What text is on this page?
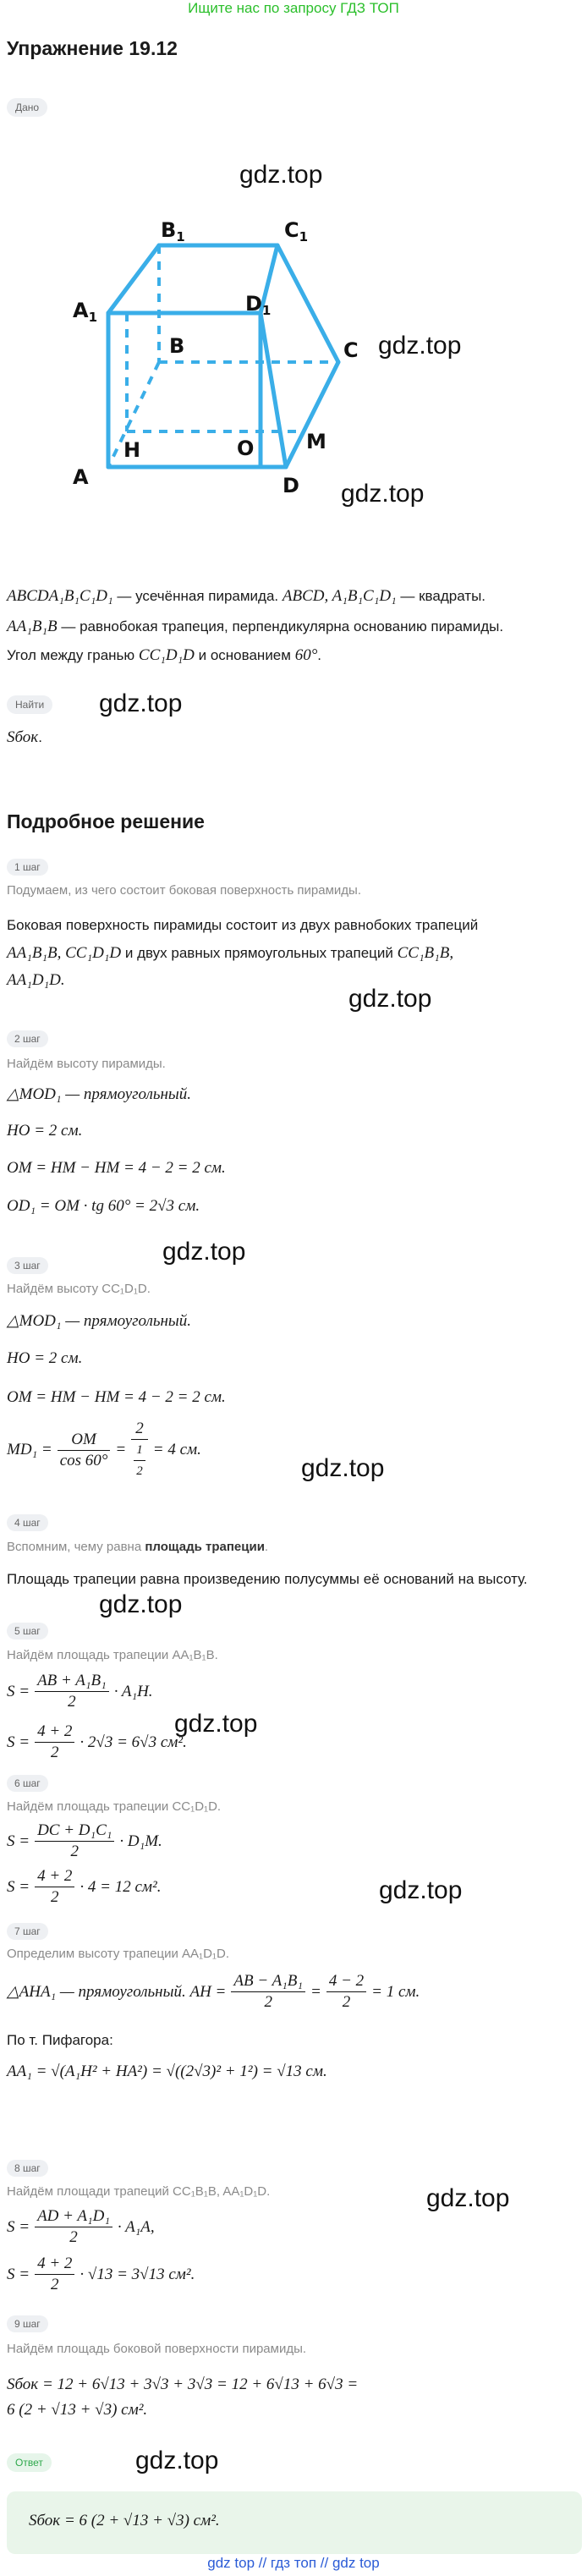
Ищите нас по запросу ГДЗ ТОП
Упражнение 19.12
Дано
gdz.top
gdz.top
gdz.top
$B_1$	$C_1$
$A_1$
$D_1$
B	C
H	O	M
A	D
ABCDA₁B₁C₁D₁ — усечённая пирамида. ABCD, A₁B₁C₁D₁ — квадраты.
AA₁B₁B — равнобокая трапеция, перпендикулярна основанию пирамиды.
Угол между гранью CC₁D₁D и основанием 60°.
Найти	gdz.top
Sбок.
Подробное решение
1 шаг
Подумаем, из чего состоит боковая поверхность пирамиды.
Боковая поверхность пирамиды состоит из двух равнобоких трапеций
AA₁B₁B, CC₁D₁D и двух равных прямоугольных трапеций CC₁B₁B,
AA₁D₁D.
gdz.top
2 шаг
Найдём высоту пирамиды.
△MOD₁ — прямоугольный.
HO = 2 см.
OM = HM − HM = 4 − 2 = 2 см.
OD₁ = OM · tg 60° = 2√3 см.
gdz.top
3 шаг
Найдём высоту CC₁D₁D.
△MOD₁ — прямоугольный.
HO = 2 см.
OM = HM − HM = 4 − 2 = 2 см.
$MD_1 = \frac{OM}{\cos 60^\circ} = \frac{2}{\frac{1}{2}} = 4$ см.
gdz.top
4 шаг
Вспомним, чему равна площадь трапеции.
Площадь трапеции равна произведению полусуммы её оснований на высоту.
gdz.top
5 шаг
Найдём площадь трапеции AA₁B₁B.
$S = \frac{\text{AB + A₁B₁}}{2} \cdot A_1H$.
$S = \frac{4 + 2}{2} \cdot 2√3 = 6√3$ см².
gdz.top
6 шаг
Найдём площадь трапеции CC₁D₁D.
$S = \frac{\text{DC + D₁C₁}}{2} \cdot D_1M$.
$S = \frac{4 + 2}{2} \cdot 4 = 12$ см².	gdz.top
7 шаг
Определим высоту трапеции AA₁D₁D.
△AHA₁ — прямоугольный. AH = $\frac{\text{AB − A₁B₁}}{2} = \frac{4 - 2}{2} = 1$ см.
По т. Пифагора:
AA₁ = √(A₁H² + HA²) = √((2√3)² + 1²) = √13 см.
8 шаг
Найдём площади трапеций CC₁B₁B, AA₁D₁D.
$S = \frac{\text{AD + A₁D₁}}{2} \cdot A_1A$,
$S = \frac{4 + 2}{2} \cdot √13 = 3√13$ см².
gdz.top
9 шаг
Найдём площадь боковой поверхности пирамиды.
Sбок = 12 + 6√13 + 3√3 + 3√3 = 12 + 6√13 + 6√3 =
6 (2 + √13 + √3) см².
Ответ	gdz.top
Sбок = 6 (2 + √13 + √3) см².
gdz top // гдз топ // gdz top
